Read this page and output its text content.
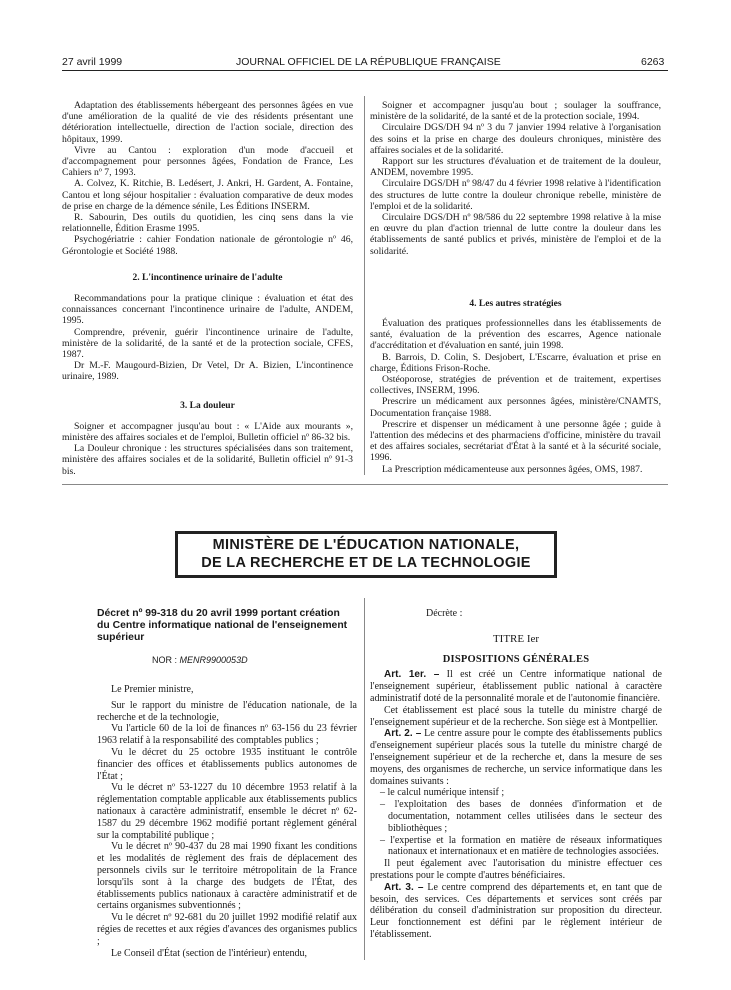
27 avril 1999	JOURNAL OFFICIEL DE LA RÉPUBLIQUE FRANÇAISE	6263

Adaptation des établissements hébergeant des personnes âgées en vue d'une amélioration de la qualité de vie des résidents présentant une détérioration intellectuelle, direction de l'action sociale, direction des hôpitaux, 1999.

Vivre au Cantou : exploration d'un mode d'accueil et d'accompagnement pour personnes âgées, Fondation de France, Les Cahiers nº 7, 1993.

A. Colvez, K. Ritchie, B. Ledésert, J. Ankri, H. Gardent, A. Fontaine, Cantou et long séjour hospitalier : évaluation comparative de deux modes de prise en charge de la démence sénile, Les Éditions INSERM.

R. Sabourin, Des outils du quotidien, les cinq sens dans la vie relationnelle, Édition Erasme 1995.

Psychogériatrie : cahier Fondation nationale de gérontologie nº 46, Gérontologie et Société 1988.

2. L'incontinence urinaire de l'adulte

Recommandations pour la pratique clinique : évaluation et état des connaissances concernant l'incontinence urinaire de l'adulte, ANDEM, 1995.

Comprendre, prévenir, guérir l'incontinence urinaire de l'adulte, ministère de la solidarité, de la santé et de la protection sociale, CFES, 1987.

Dr M.-F. Maugourd-Bizien, Dr Vetel, Dr A. Bizien, L'incontinence urinaire, 1989.

3. La douleur

Soigner et accompagner jusqu'au bout : « L'Aide aux mourants », ministère des affaires sociales et de l'emploi, Bulletin officiel nº 86-32 bis.

La Douleur chronique : les structures spécialisées dans son traitement, ministère des affaires sociales et de la solidarité, Bulletin officiel nº 91-3 bis.

Soigner et accompagner jusqu'au bout ; soulager la souffrance, ministère de la solidarité, de la santé et de la protection sociale, 1994.

Circulaire DGS/DH 94 nº 3 du 7 janvier 1994 relative à l'organisation des soins et la prise en charge des douleurs chroniques, ministère des affaires sociales et de la solidarité.

Rapport sur les structures d'évaluation et de traitement de la douleur, ANDEM, novembre 1995.

Circulaire DGS/DH nº 98/47 du 4 février 1998 relative à l'identification des structures de lutte contre la douleur chronique rebelle, ministère de l'emploi et de la solidarité.

Circulaire DGS/DH nº 98/586 du 22 septembre 1998 relative à la mise en œuvre du plan d'action triennal de lutte contre la douleur dans les établissements de santé publics et privés, ministère de l'emploi et de la solidarité.

4. Les autres stratégies

Évaluation des pratiques professionnelles dans les établissements de santé, évaluation de la prévention des escarres, Agence nationale d'accréditation et d'évaluation en santé, juin 1998.

B. Barrois, D. Colin, S. Desjobert, L'Escarre, évaluation et prise en charge, Éditions Frison-Roche.

Ostéoporose, stratégies de prévention et de traitement, expertises collectives, INSERM, 1996.

Prescrire un médicament aux personnes âgées, ministère/CNAMTS, Documentation française 1988.

Prescrire et dispenser un médicament à une personne âgée ; guide à l'attention des médecins et des pharmaciens d'officine, ministère du travail et des affaires sociales, secrétariat d'État à la santé et à la sécurité sociale, 1996.

La Prescription médicamenteuse aux personnes âgées, OMS, 1987.

MINISTÈRE DE L'ÉDUCATION NATIONALE,
DE LA RECHERCHE ET DE LA TECHNOLOGIE
Décret nº 99-318 du 20 avril 1999 portant création du Centre informatique national de l'enseignement supérieur
NOR : MENR9900053D

Le Premier ministre,

Sur le rapport du ministre de l'éducation nationale, de la recherche et de la technologie,

Vu l'article 60 de la loi de finances nº 63-156 du 23 février 1963 relatif à la responsabilité des comptables publics ;

Vu le décret du 25 octobre 1935 instituant le contrôle financier des offices et établissements publics autonomes de l'État ;

Vu le décret nº 53-1227 du 10 décembre 1953 relatif à la réglementation comptable applicable aux établissements publics nationaux à caractère administratif, ensemble le décret nº 62-1587 du 29 décembre 1962 modifié portant règlement général sur la comptabilité publique ;

Vu le décret nº 90-437 du 28 mai 1990 fixant les conditions et les modalités de règlement des frais de déplacement des personnels civils sur le territoire métropolitain de la France lorsqu'ils sont à la charge des budgets de l'État, des établissements publics nationaux à caractère administratif et de certains organismes subventionnés ;

Vu le décret nº 92-681 du 20 juillet 1992 modifié relatif aux régies de recettes et aux régies d'avances des organismes publics ;

Le Conseil d'État (section de l'intérieur) entendu,

Décrète :

TITRE Ier
DISPOSITIONS GÉNÉRALES

Art. 1er. – Il est créé un Centre informatique national de l'enseignement supérieur, établissement public national à caractère administratif doté de la personnalité morale et de l'autonomie financière.

Cet établissement est placé sous la tutelle du ministre chargé de l'enseignement supérieur et de la recherche. Son siège est à Montpellier.

Art. 2. – Le centre assure pour le compte des établissements publics d'enseignement supérieur placés sous la tutelle du ministre chargé de l'enseignement supérieur et de la recherche et, dans la mesure de ses moyens, des organismes de recherche, un service informatique dans les domaines suivants :

– le calcul numérique intensif ;
– l'exploitation des bases de données d'information et de documentation, notamment celles utilisées dans le secteur des bibliothèques ;
– l'expertise et la formation en matière de réseaux informatiques nationaux et internationaux et en matière de technologies associées.

Il peut également avec l'autorisation du ministre effectuer ces prestations pour le compte d'autres bénéficiaires.

Art. 3. – Le centre comprend des départements et, en tant que de besoin, des services. Ces départements et services sont créés par délibération du conseil d'administration sur proposition du directeur. Leur fonctionnement est défini par le règlement intérieur de l'établissement.
